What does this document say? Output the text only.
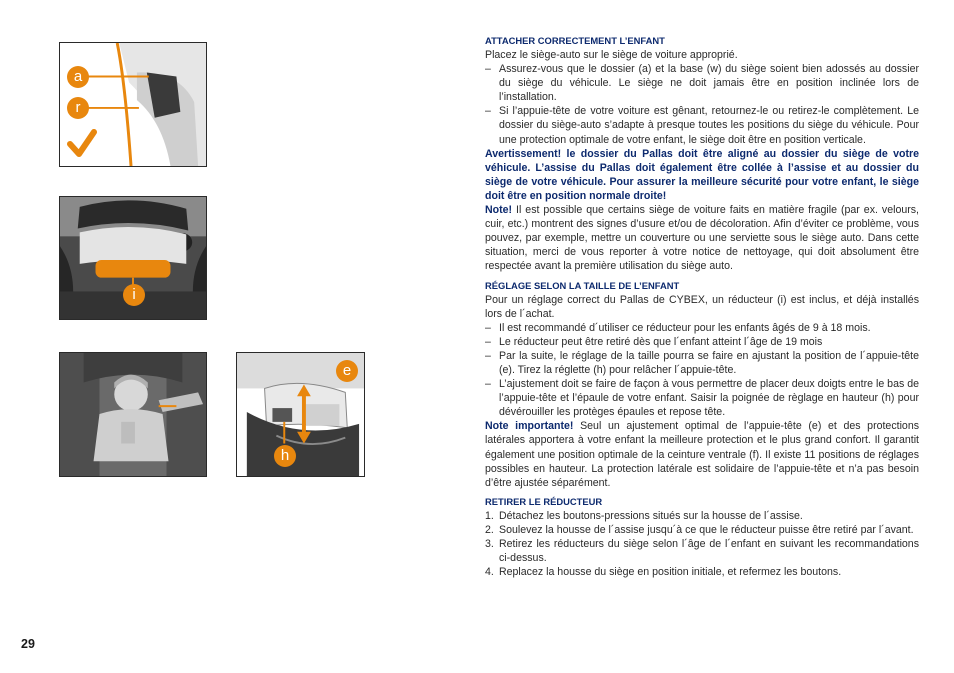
a
r
i
e
h
ATTACHER CORRECTEMENT L’ENFANT

Placez le siège-auto sur le siège de voiture approprié.

– Assurez-vous que le dossier (a) et la base (w) du siège soient bien adossés au dossier du siège du véhicule. Le siège ne doit jamais être en position inclinée lors de l’installation.
– Si l’appuie-tête de votre voiture est gênant, retournez-le ou retirez-le complètement. Le dossier du siège-auto s’adapte à presque toutes les positions du siège du véhicule. Pour une protection optimale de votre enfant, le siège doit être en position verticale.

Avertissement! le dossier du Pallas doit être aligné au dossier du siège de votre véhicule. L’assise du Pallas doit également être collée à l’assise et au dossier du siège de votre véhicule. Pour assurer la meilleure sécurité pour votre enfant, le siège doit être en position normale droite!

Note! Il est possible que certains siège de voiture faits en matière fragile (par ex. velours, cuir, etc.) montrent des signes d’usure et/ou de décoloration. Afin d’éviter ce problème, vous pouvez, par exemple, mettre un couverture ou une serviette sous le siège auto. Dans cette situation, merci de vous reporter à votre notice de nettoyage, qui doit absolument être respectée avant la première utilisation du siège auto.

RÉGLAGE SELON LA TAILLE DE L’ENFANT

Pour un réglage correct du Pallas de CYBEX, un réducteur (i) est inclus, et déjà installés lors de l´achat.

– Il est recommandé d´utiliser ce réducteur pour les enfants âgés de 9 à 18 mois.
– Le réducteur peut être retiré dès que l´enfant atteint l´âge de 19 mois
– Par la suite, le réglage de la taille pourra se faire en ajustant la position de l´appuie-tête (e). Tirez la réglette (h) pour relâcher l´appuie-tête.
– L’ajustement doit se faire de façon à vous permettre de placer deux doigts entre le bas de l’appuie-tête et l’épaule de votre enfant. Saisir la poignée de règlage en hauteur (h) pour dévérouiller les protèges épaules et repose tête.

Note importante! Seul un ajustement optimal de l’appuie-tête (e) et des protections latérales apportera à votre enfant la meilleure protection et le plus grand confort. Il garantit également une position optimale de la ceinture ventrale (f). Il existe 11 positions de réglages possibles en hauteur. La protection latérale est solidaire de l’appuie-tête et n’a pas besoin d’être ajustée séparément.

RETIRER LE RÉDUCTEUR
1. Détachez les boutons-pressions situés sur la housse de l´assise.
2. Soulevez la housse de l´assise jusqu´à ce que le réducteur puisse être retiré par l´avant.
3. Retirez les réducteurs du siège selon l´âge de l´enfant en suivant les recommandations ci-dessus.
4. Replacez la housse du siège en position initiale, et refermez les boutons.
29
